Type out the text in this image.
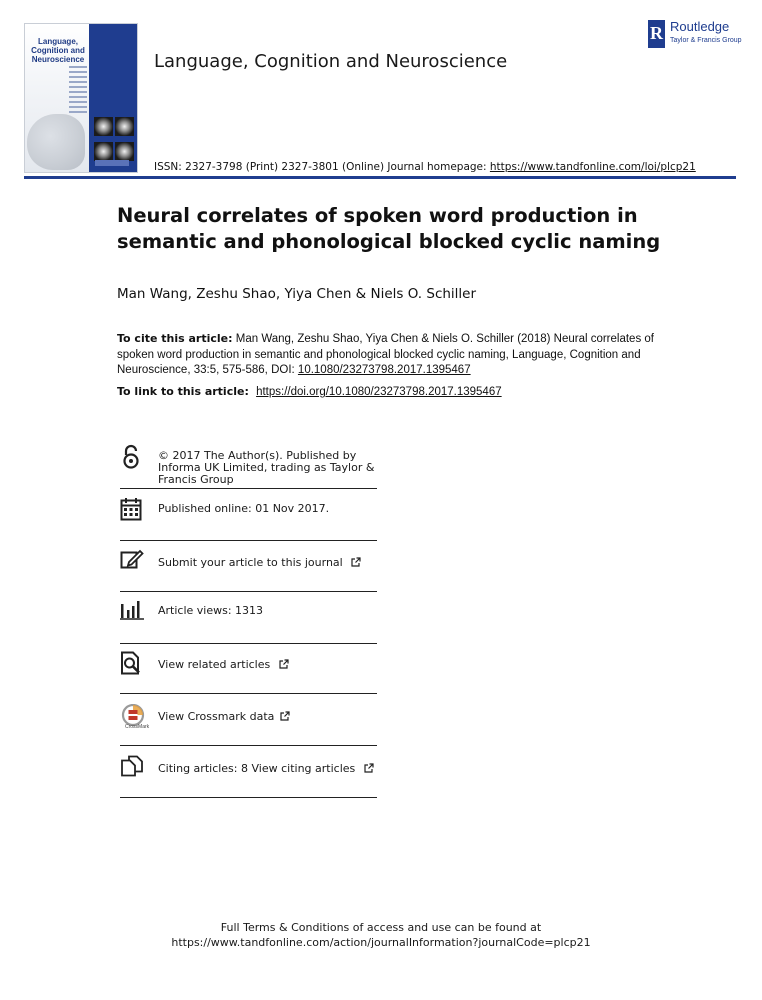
Language, Cognition and Neuroscience	Language, Cognition and Neuroscience
ISSN: 2327-3798 (Print) 2327-3801 (Online) Journal homepage: https://www.tandfonline.com/loi/plcp21
R Routledge
Taylor & Francis Group
Neural correlates of spoken word production in semantic and phonological blocked cyclic naming
Man Wang, Zeshu Shao, Yiya Chen & Niels O. Schiller
To cite this article: Man Wang, Zeshu Shao, Yiya Chen & Niels O. Schiller (2018) Neural correlates of spoken word production in semantic and phonological blocked cyclic naming, Language, Cognition and Neuroscience, 33:5, 575-586, DOI: 10.1080/23273798.2017.1395467
To link to this article: https://doi.org/10.1080/23273798.2017.1395467
© 2017 The Author(s). Published by Informa UK Limited, trading as Taylor & Francis Group
Published online: 01 Nov 2017.
Submit your article to this journal
Article views: 1313
View related articles
CrossMark
View Crossmark data
Citing articles: 8 View citing articles
Full Terms & Conditions of access and use can be found at
https://www.tandfonline.com/action/journalInformation?journalCode=plcp21
